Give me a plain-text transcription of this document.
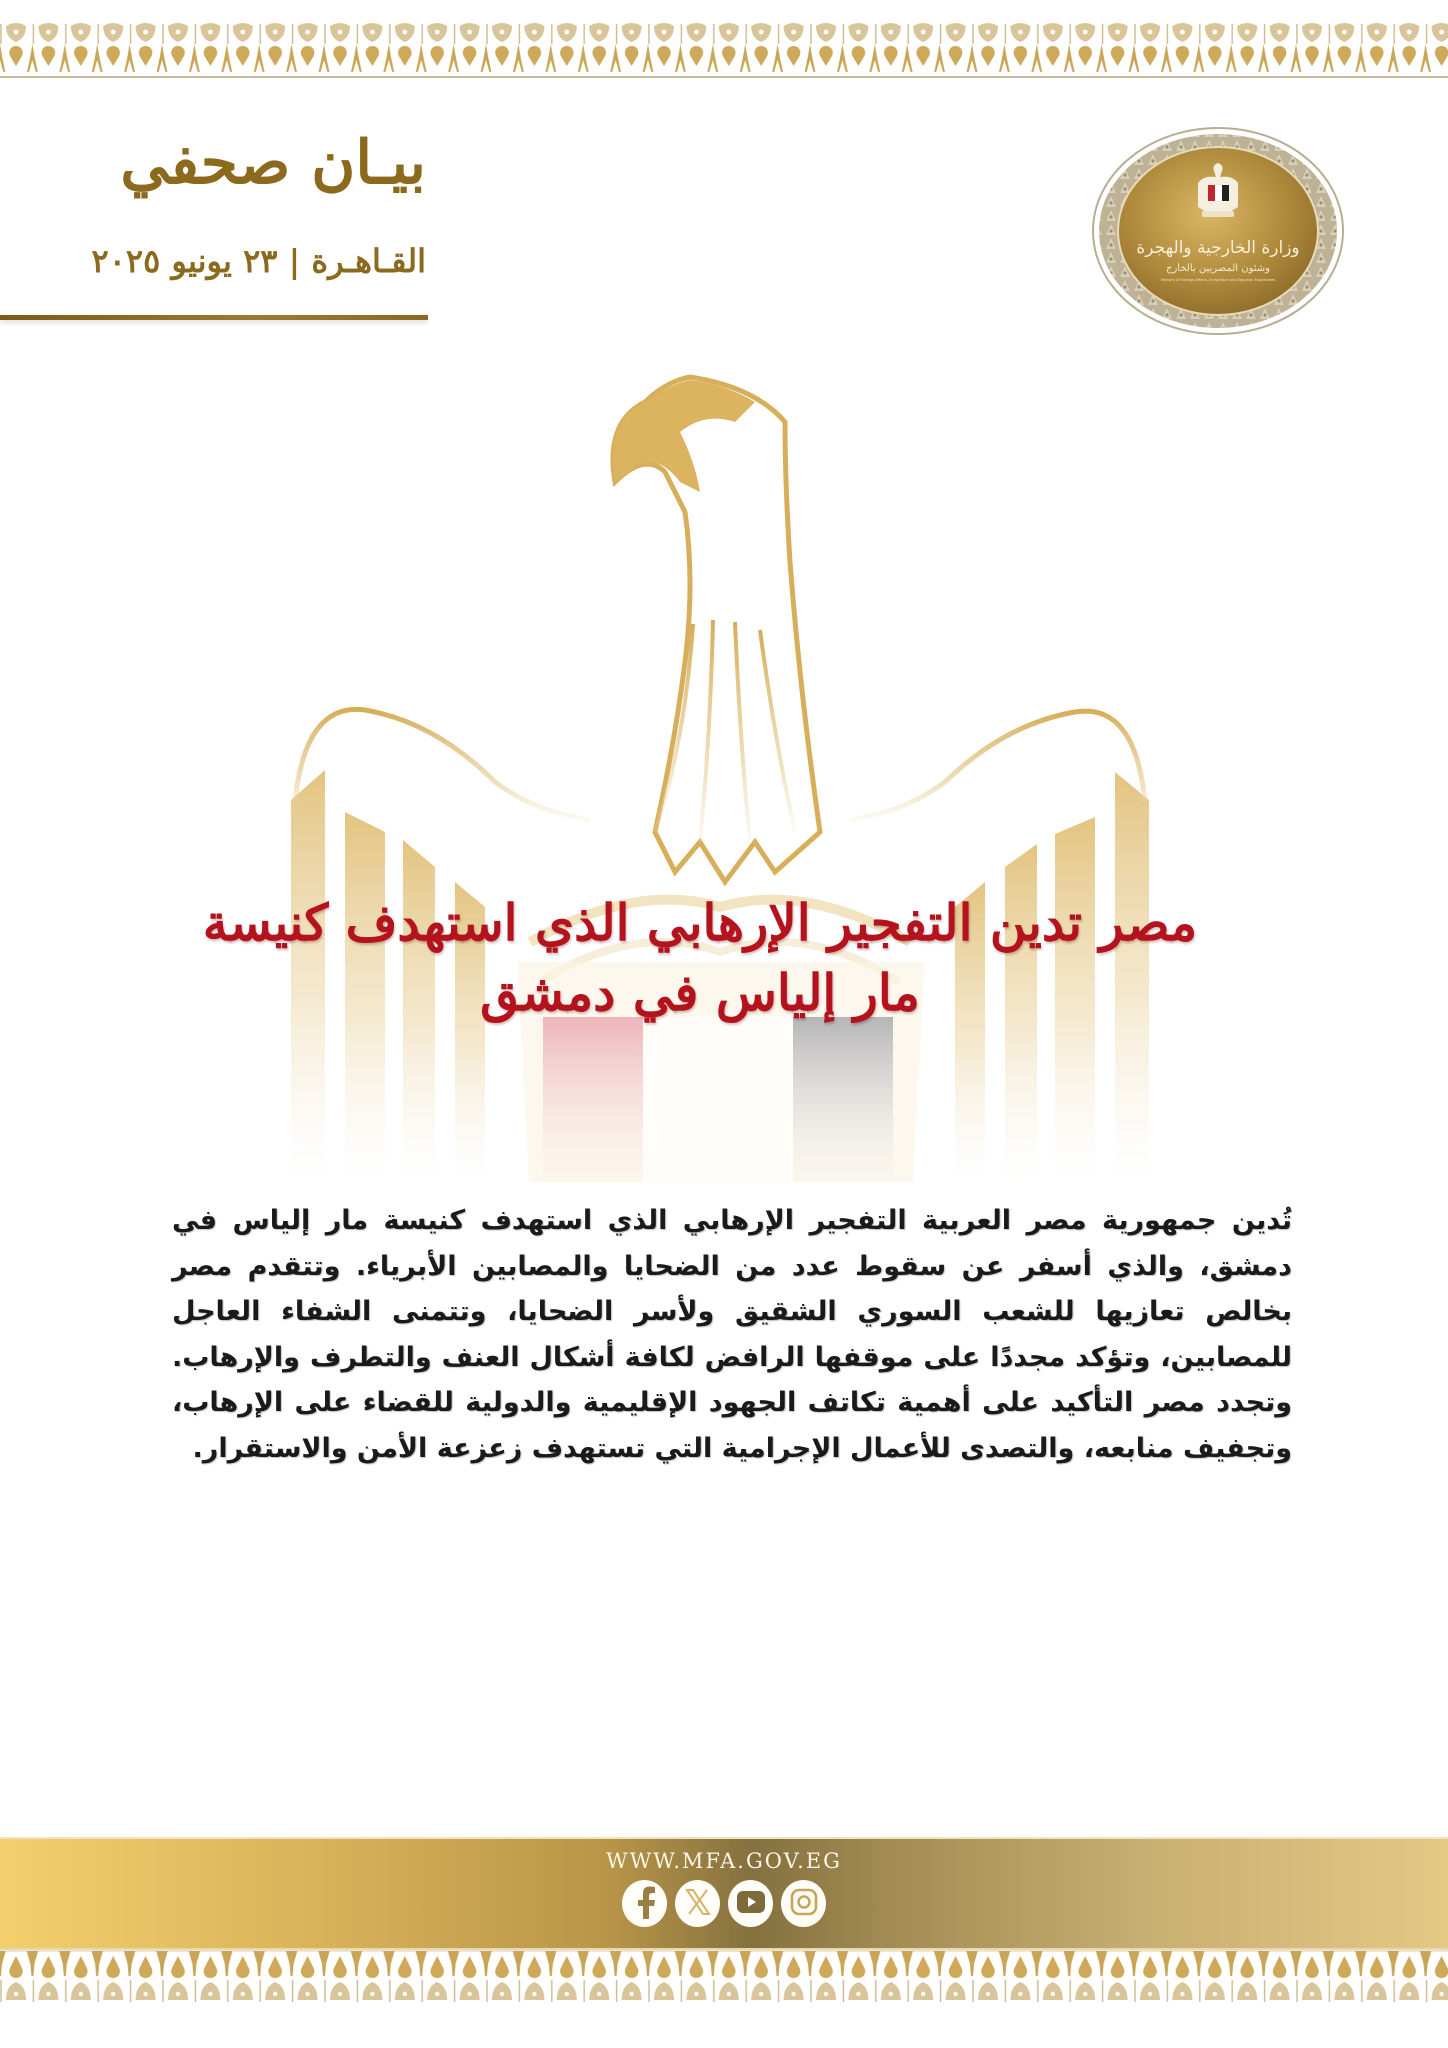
بيـان صحفي
القـاهـرة | ٢٣ يونيو ٢٠٢٥	وزارة الخارجية والهجرة
وشئون المصريين بالخارج
Ministry of Foreign Affairs, Emigration and Egyptian Expatriates
مصر تدين التفجير الإرهابي الذي استهدف كنيسة
مار إلياس في دمشق
تُدين جمهورية مصر العربية التفجير الإرهابي الذي استهدف كنيسة مار إلياس في
دمشق، والذي أسفر عن سقوط عدد من الضحايا والمصابين الأبرياء. وتتقدم مصر
بخالص تعازيها للشعب السوري الشقيق ولأسر الضحايا، وتتمنى الشفاء العاجل
للمصابين، وتؤكد مجددًا على موقفها الرافض لكافة أشكال العنف والتطرف والإرهاب.
وتجدد مصر التأكيد على أهمية تكاتف الجهود الإقليمية والدولية للقضاء على الإرهاب،
وتجفيف منابعه، والتصدى للأعمال الإجرامية التي تستهدف زعزعة الأمن والاستقرار.
WWW.MFA.GOV.EG
